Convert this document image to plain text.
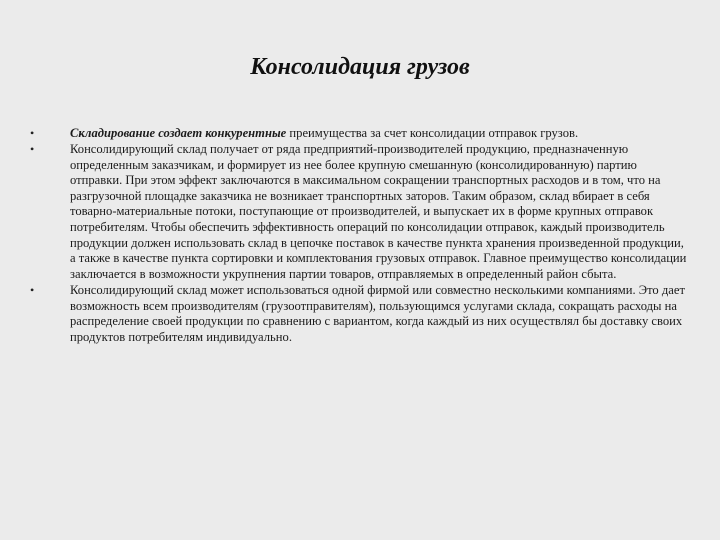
Консолидация грузов
•	Складирование создает конкурентные преимущества за счет консолидации отправок грузов.
•	Консолидирующий склад получает от ряда предприятий-производителей продукцию, предназначенную определенным заказчикам, и формирует из нее более крупную смешанную (консолидированную) партию отправки. При этом эффект заключаются в максимальном сокращении транспортных расходов и в том, что на разгрузочной площадке заказчика не возникает транспортных заторов. Таким образом, склад вбирает в себя товарно-материальные потоки, поступающие от производителей, и выпускает их в форме крупных отправок потребителям. Чтобы обеспечить эффективность операций по консолидации отправок, каждый производитель продукции должен использовать склад в цепочке поставок в качестве пункта хранения произведенной продукции, а также в качестве пункта сортировки и комплектования грузовых отправок. Главное преимущество консолидации заключается в возможности укрупнения партии товаров, отправляемых в определенный район сбыта.
•	Консолидирующий склад может использоваться одной фирмой или совместно несколькими компаниями. Это дает возможность всем производителям (грузоотправителям), пользующимся услугами склада, сокращать расходы на распределение своей продукции по сравнению с вариантом, когда каждый из них осуществлял бы доставку своих продуктов потребителям индивидуально.
